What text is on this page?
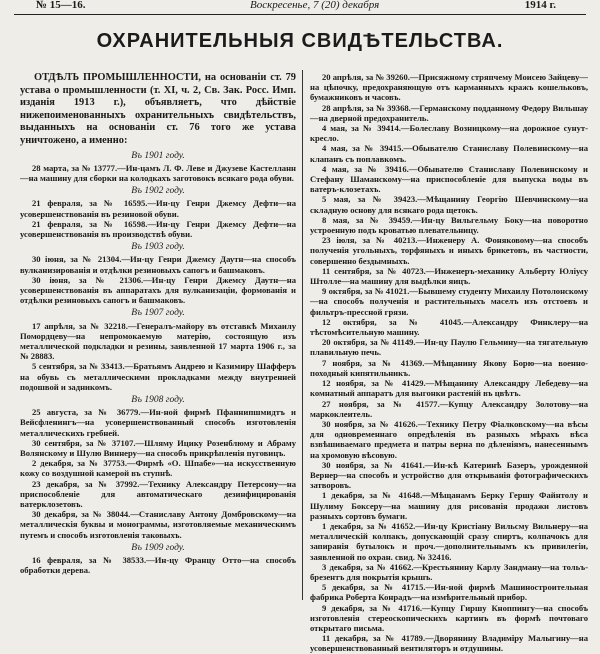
№ 15—16.	Воскресенье, 7 (20) декабря	1914 г.
ОХРАНИТЕЛЬНЫЯ СВИДѢТЕЛЬСТВА.

ОТДѢЛЪ ПРОМЫШЛЕННОСТИ, на основаніи ст. 79 устава о промышленности (т. XI, ч. 2, Св. Зак. Росс. Имп. изданія 1913 г.), объявляетъ, что дѣйствіе нижепоименованныхъ охранительныхъ свидѣтельствъ, выданныхъ на основаніи ст. 76 того же устава уничтожено, а именно:

Въ 1901 году.

28 марта, за № 13777.—Ин-цамъ Л. Ф. Леве и Джузеве Кастелланн—на машину для сборки на колодкахъ заготовокъ всякаго рода обуви.

Въ 1902 году.

21 февраля, за № 16595.—Ин-цу Генри Джемсу Дефти—на усовершенствованія въ резиновой обуви.

21 февраля, за № 16598.—Ин-цу Генри Джемсу Дефти—на усовершенствованія въ производствѣ обуви.

Въ 1903 году.

30 іюня, за № 21304.—Ин-цу Генри Джемсу Даутн—на способъ вулканизированія и отдѣлки резиновыхъ сапогъ и башмаковъ.

30 іюня, за № 21306.—Ин-цу Генри Джемсу Даутн—на усовершенствованія въ аппаратахъ для вулканизаціи, формованія и отдѣлки резиновыхъ сапогъ и башмаковъ.

Въ 1907 году.

17 апрѣля, за № 32218.—Генералъ-майору въ отставкѣ Михаилу Помордцеву—на непромокаемую матерію, состоящую изъ металлической подкладки и резины, заявленной 17 марта 1906 г., за № 28883.

5 сентября, за № 33413.—Братьямъ Андрею и Казимиру Шафферъ на обувь съ металлическими прокладками между внутренней подошвой и задникомъ.

Въ 1908 году.

25 августа, за № 36779.—Ин-ной фирмѣ Пфаннипшмидтъ и Вейсфленингъ—на усовершенствованный способъ изготовленія металлическихъ гребней.

30 сентября, за № 37107.—Шляму Ицику Розенблюму и Абраму Волянскому и Шулю Виннеру—на способъ прикрѣпленія пуговицъ.

2 декабря, за № 37753.—Фирмѣ «О. Шпабе»—на искусственную кожу со воздушной камерой въ ступнѣ.

23 декабря, за № 37992.—Технику Александру Петерсону—на приспособленіе для автоматическаго дезинфицированія ватерклозетовъ.

30 декабря, за № 38044.—Станиславу Антону Домбровскому—на металлическія буквы и монограммы, изготовляемые механическимъ путемъ и способъ изготовленія таковыхъ.

Въ 1909 году.

16 февраля, за № 38533.—Ин-цу Францу Отто—на способъ обработки дерева.

20 апрѣля, за № 39260.—Присяжному стряпчему Моисею Зайцеву—на цѣпочку, предохраняющую отъ карманныхъ кражъ кошельковъ, бумажниковъ и часовъ.

28 апрѣля, за № 39368.—Германскому подданному Федору Вильшау—на дверной предохранитель.

4 мая, за № 39414.—Болеславу Возницкому—на дорожное сунут-кресло.

4 мая, за № 39415.—Обывателю Станиславу Полевинскому—на клапанъ съ поплавкомъ.

4 мая, за № 39416.—Обывателю Станиславу Полевинскому и Стефану Шаманскому—на приспособленіе для выпуска воды въ ватеръ-клозетахъ.

5 мая, за № 39423.—Мѣщанину Георгію Шевчинскому—на складную основу для всякаго рода щетокъ.

8 мая, за № 39459.—Ин-цу Вильгельму Боку—на поворотно устроенную подъ кроватью плевательницу.

23 іюля, за № 40213.—Инженеру А. Фоняковому—на способъ полученія угольныхъ, торфяныхъ и иныхъ брикетовъ, въ частности, совершенно бездымныхъ.

11 сентября, за № 40723.—Инженеръ-механику Альберту Юліусу Штолле—на машину для выдѣлки яицъ.

9 октября, за № 41021.—Бывшему студенту Михаилу Потолонскому—на способъ полученія и растительныхъ маселъ изъ отстоевъ и фильтръ-прессной грязи.

12 октября, за № 41045.—Александру Финклеру—на тѣстомѣсительную машину.

20 октября, за № 41149.—Ин-цу Паулю Гельмину—на тягательную плавильную печь.

7 ноября, за № 41369.—Мѣщанину Якову Борю—на военно-походный кипятильникъ.

12 ноября, за № 41429.—Мѣщанину Александру Лебедеву—на комнатный аппаратъ для выгонки растеній въ цвѣтъ.

27 ноября, за № 41577.—Купцу Александру Золотову—на маркоклеитель.

30 ноября, за № 41626.—Технику Петру Фіалковскому—на вѣсы для одновременнаго опредѣленія въ разныхъ мѣрахъ вѣса взвѣшиваемаго предмета и патры верна по дѣленіямъ, нанесеннымъ на хромовую вѣсовую.

30 ноября, за № 41641.—Ин-кѣ Катеринѣ Базеръ, урожденной Вернер—на способъ и устройство для открыванія фотографическихъ затворовъ.

1 декабря, за № 41648.—Мѣщанамъ Берку Гершу Файнтолу и Шулиму Боксеру—на машину для рисованія продажи листовъ разныхъ сортовъ бумаги.

1 декабря, за № 41652.—Ин-цу Кристіану Вильсму Вильнеру—на металлическій колпакъ, допускающій сразу спиртъ, колпачокъ для запиранія бутылокъ и проч.—дополнительнымъ къ привилегіи, заявленной по охран. свид. № 32416.

3 декабря, за № 41662.—Крестьянину Карлу Зандману—на тольъ-брезентъ для покрытія крышъ.

5 декабря, за № 41715.—Ин-ной фирмѣ Машиностроительная фабрика Роберта Конрадъ—на измѣрительный прибор.

9 декабря, за № 41716.—Купцу Гиршу Кноппингу—на способъ изготовленія стереоскопическихъ картинъ въ формѣ почтоваго открытаго письма.

11 декабря, за № 41789.—Дворянину Владиміру Малыгину—на усовершенствованный вентиляторъ и отдушины.
